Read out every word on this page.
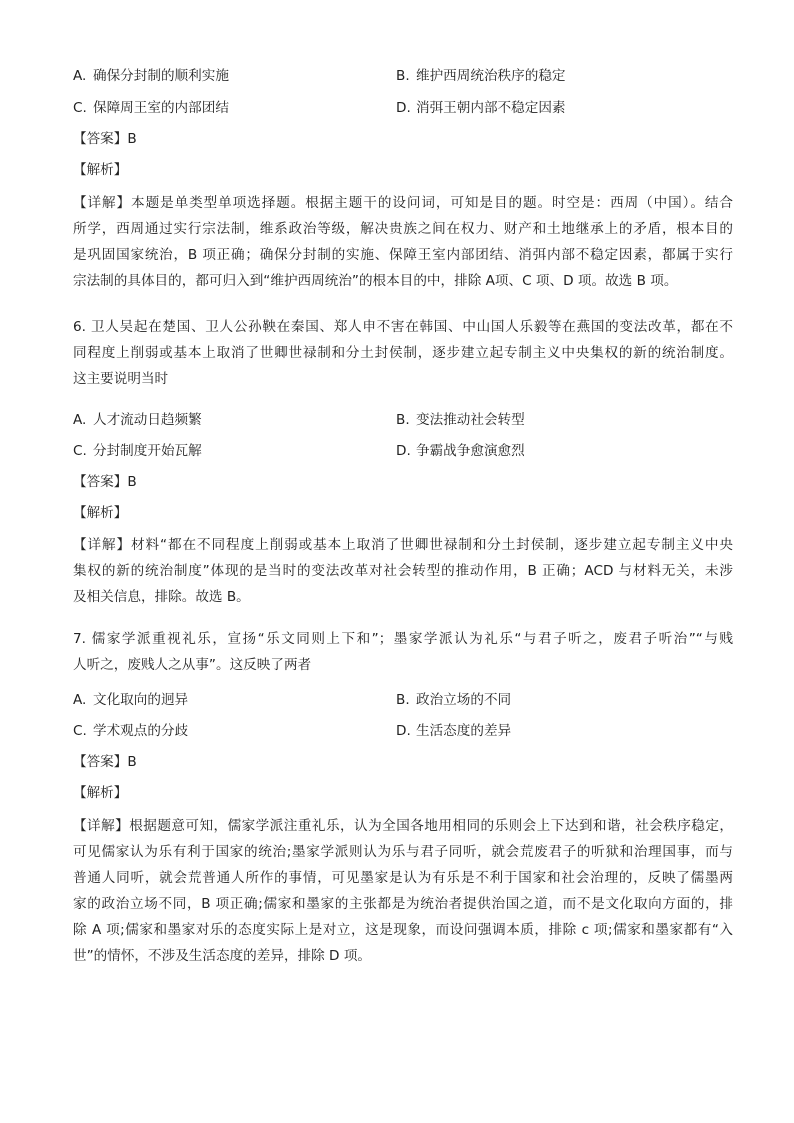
A. 确保分封制的顺利实施	B. 维护西周统治秩序的稳定
C. 保障周王室的内部团结	D. 消弭王朝内部不稳定因素
【答案】B
【解析】
【详解】本题是单类型单项选择题。根据主题干的设问词，可知是目的题。时空是：西周（中国）。结合
所学，西周通过实行宗法制，维系政治等级，解决贵族之间在权力、财产和土地继承上的矛盾，根本目的
是巩固国家统治，B 项正确；确保分封制的实施、保障王室内部团结、消弭内部不稳定因素，都属于实行
宗法制的具体目的，都可归入到“维护西周统治”的根本目的中，排除 A项、C 项、D 项。故选 B 项。
6. 卫人吴起在楚国、卫人公孙鞅在秦国、郑人申不害在韩国、中山国人乐毅等在燕国的变法改革，都在不
同程度上削弱或基本上取消了世卿世禄制和分土封侯制，逐步建立起专制主义中央集权的新的统治制度。
这主要说明当时
A. 人才流动日趋频繁	B. 变法推动社会转型
C. 分封制度开始瓦解	D. 争霸战争愈演愈烈
【答案】B
【解析】
【详解】材料“都在不同程度上削弱或基本上取消了世卿世禄制和分土封侯制，逐步建立起专制主义中央
集权的新的统治制度”体现的是当时的变法改革对社会转型的推动作用，B 正确；ACD 与材料无关，未涉
及相关信息，排除。故选 B。
7. 儒家学派重视礼乐，宣扬“乐文同则上下和”；墨家学派认为礼乐“与君子听之，废君子听治”“与贱
人听之，废贱人之从事”。这反映了两者
A. 文化取向的迥异	B. 政治立场的不同
C. 学术观点的分歧	D. 生活态度的差异
【答案】B
【解析】
【详解】根据题意可知，儒家学派注重礼乐，认为全国各地用相同的乐则会上下达到和谐，社会秩序稳定，
可见儒家认为乐有利于国家的统治;墨家学派则认为乐与君子同听，就会荒废君子的听狱和治理国事，而与
普通人同听，就会荒普通人所作的事情，可见墨家是认为有乐是不利于国家和社会治理的，反映了儒墨两
家的政治立场不同，B 项正确;儒家和墨家的主张都是为统治者提供治国之道，而不是文化取向方面的，排
除 A 项;儒家和墨家对乐的态度实际上是对立，这是现象，而设问强调本质，排除 c 项;儒家和墨家都有“入
世”的情怀，不涉及生活态度的差异，排除 D 项。
